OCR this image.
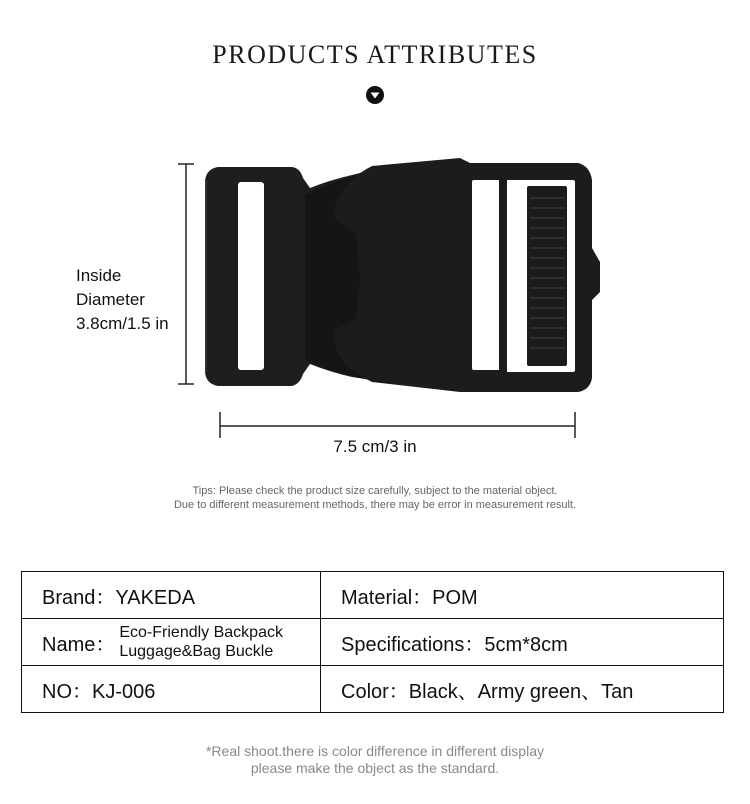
PRODUCTS ATTRIBUTES
Inside
Diameter
3.8cm/1.5 in
7.5 cm/3 in
Tips: Please check the product size carefully, subject to the material object.
Due to different measurement methods, there may be error in measurement result.
Brand：YAKEDA	Material：POM

Name：
Eco-Friendly Backpack
Luggage&Bag Buckle	Specifications：5cm*8cm
NO：KJ-006	Color：Black、Army green、Tan
*Real shoot.there is color difference in different display
please make the object as the standard.
